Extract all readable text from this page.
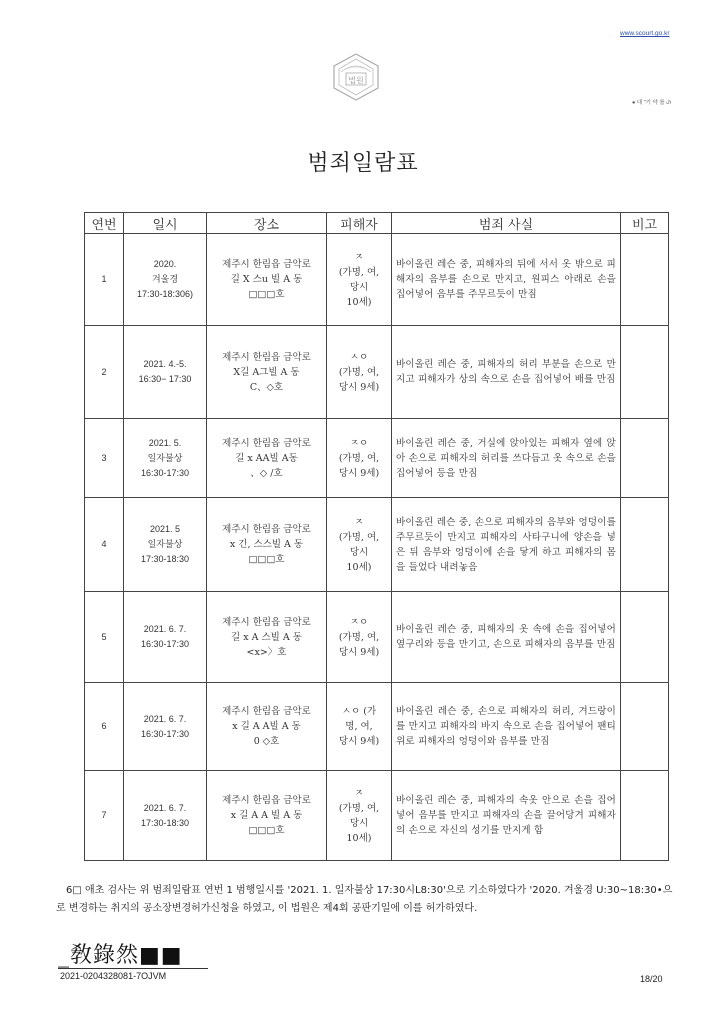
www.scourt.go.kr
법원
● 대 "기 약 를 Ⴐ
범죄일람표
연번	일시	장소	피해자	범죄 사실	비고
1	2020.
겨울경
17:30-18:306)	제주시 한림읍 금악로
길 X 스u 빌 A 동
□□□호	ㅈ
(가명, 여,
당시
10세)	바이올린 레슨 중, 피해자의 뒤에 서서 옷 밖으로 피해자의 음부를 손으로 만지고, 원피스 아래로 손을 집어넣어 음부를 주무르듯이 만짐	
2	2021. 4.-5.
16:30− 17:30	제주시 한림읍 금악로
X길 A그빌 A 동
C、◇호	ㅅㅇ
(가명, 여,
당시 9세)	바이올린 레슨 중, 피해자의 허리 부분을 손으로 만지고 피해자가 상의 속으로 손을 집어넣어 배를 만짐	
3	2021. 5.
일자불상
16:30-17:30	제주시 한림읍 금악로
길 x AA빌 A동
、◇ /호	ㅈㅇ
(가명, 여,
당시 9세)	바이올린 레슨 중, 거실에 앉아있는 피해자 옆에 앉아 손으로 피해자의 허리를 쓰다듬고 옷 속으로 손을 집어넣어 등을 만짐	
4	2021. 5
일자불상
17:30-18:30	제주시 한림읍 금악로
x 긴, 스스빌 A 동
□□□호	ㅈ
(가명, 여,
당시
10세)	바이올린 레슨 중, 손으로 피해자의 음부와 엉덩이를 주무르듯이 만지고 피해자의 사타구니에 양손을 넣은 뒤 음부와 엉덩이에 손을 닿게 하고 피해자의 몸을 들었다 내려놓음	
5	2021. 6. 7.
16:30-17:30	제주시 한림읍 금악로
길 x A 스빌 A 동
<x>〉호	ㅈㅇ
(가명, 여,
당시 9세)	바이올린 레슨 중, 피해자의 옷 속에 손을 집어넣어 옆구리와 등을 만기고, 손으로 피해자의 음부를 만짐	
6	2021. 6. 7.
16:30-17:30	제주시 한림읍 금악로
x 길 A A빌 A 동
0 ◇호	ㅅㅇ (가
명, 여,
당시 9세)	바이올린 레슨 중, 손으로 피해자의 허리, 겨드랑이를 만지고 피해자의 바지 속으로 손을 집어넣어 팬티 위로 피해자의 엉덩이와 음부를 만짐	
7	2021. 6. 7.
17:30-18:30	제주시 한림읍 금악로
x 길 A A 빌 A 동
□□□호	ㅈ
(가명, 여,
당시
10세)	바이올린 레슨 중, 피해자의 속옷 안으로 손을 집어넣어 음부를 만지고 피해자의 손을 끌어당겨 피해자의 손으로 자신의 성기를 만지게 함	
6□ 애초 검사는 위 범죄일람표 연번 1 범행일시를 '2021. 1. 일자불상 17:30시L8:30'으로 기소하였다가 '2020. 겨울경 U:30~18:30•으로 변경하는 취지의 공소장변경허가신청을 하였고, 이 법원은 제4회 공판기일에 이를 허가하였다.
_敎錄然■■
2021-0204328081-7OJVM	18/20
